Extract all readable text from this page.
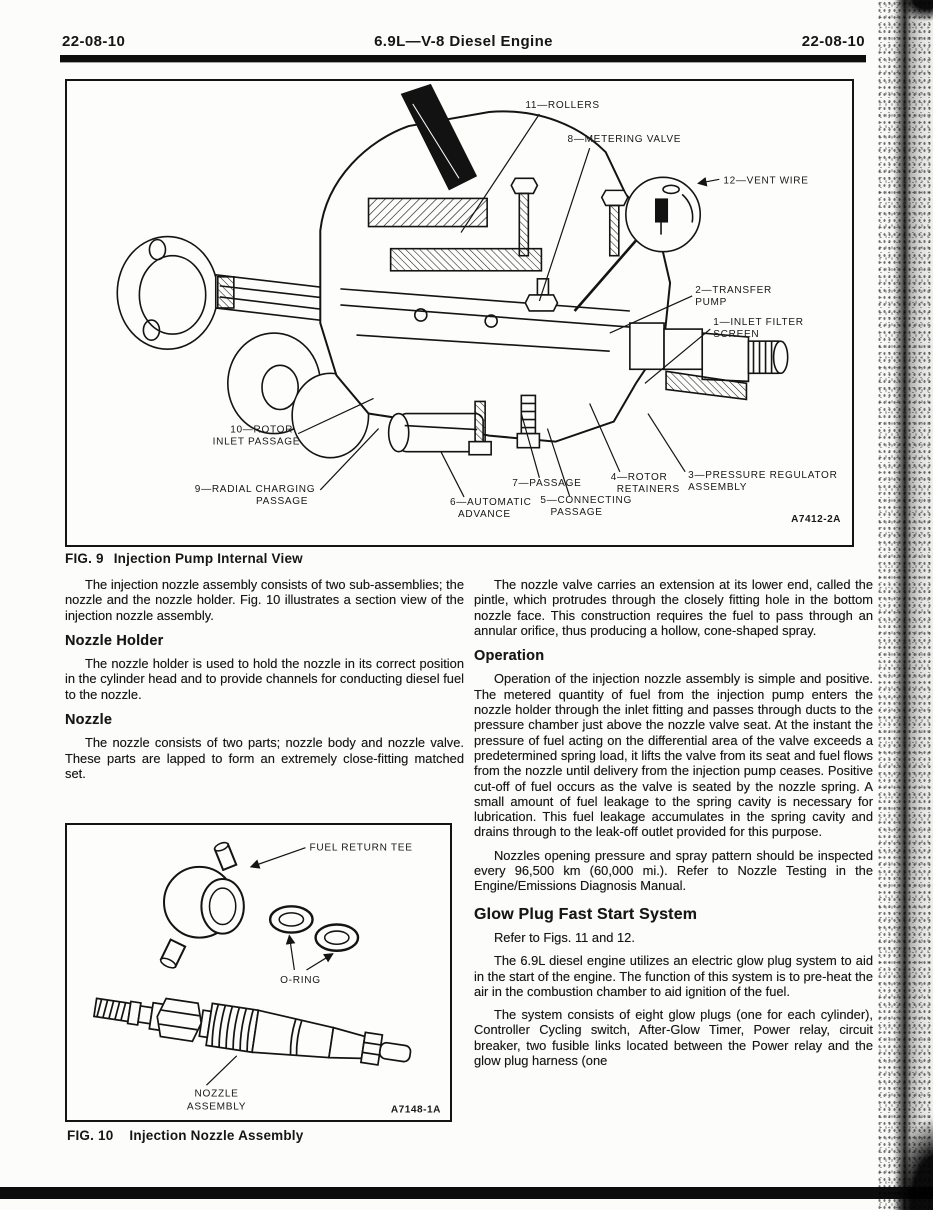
22-08-10	6.9L—V-8 Diesel Engine	22-08-10
11—ROLLERS
8—METERING VALVE
12—VENT WIRE
2—TRANSFER
PUMP
1—INLET FILTER
SCREEN
3—PRESSURE REGULATOR
ASSEMBLY
4—ROTOR
RETAINERS
7—PASSAGE
5—CONNECTING
PASSAGE
6—AUTOMATIC
ADVANCE
9—RADIAL CHARGING
PASSAGE
10—ROTOR
INLET PASSAGE
A7412-2A
FIG. 9 Injection Pump Internal View

The injection nozzle assembly consists of two sub-assemblies; the nozzle and the nozzle holder. Fig. 10 illustrates a section view of the injection nozzle assembly.

Nozzle Holder

The nozzle holder is used to hold the nozzle in its correct position in the cylinder head and to provide channels for conducting diesel fuel to the nozzle.

Nozzle

The nozzle consists of two parts; nozzle body and nozzle valve. These parts are lapped to form an extremely close-fitting matched set.

The nozzle valve carries an extension at its lower end, called the pintle, which protrudes through the closely fitting hole in the bottom nozzle face. This construction requires the fuel to pass through an annular orifice, thus producing a hollow, cone-shaped spray.

Operation

Operation of the injection nozzle assembly is simple and positive. The metered quantity of fuel from the injection pump enters the nozzle holder through the inlet fitting and passes through ducts to the pressure chamber just above the nozzle valve seat. At the instant the pressure of fuel acting on the differential area of the valve exceeds a predetermined spring load, it lifts the valve from its seat and fuel flows from the nozzle until delivery from the injection pump ceases. Positive cut-off of fuel occurs as the valve is seated by the nozzle spring. A small amount of fuel leakage to the spring cavity is necessary for lubrication. This fuel leakage accumulates in the spring cavity and drains through to the leak-off outlet provided for this purpose.

Nozzles opening pressure and spray pattern should be inspected every 96,500 km (60,000 mi.). Refer to Nozzle Testing in the Engine/Emissions Diagnosis Manual.

Glow Plug Fast Start System

Refer to Figs. 11 and 12.

The 6.9L diesel engine utilizes an electric glow plug system to aid in the start of the engine. The function of this system is to pre-heat the air in the combustion chamber to aid ignition of the fuel.

The system consists of eight glow plugs (one for each cylinder), Controller Cycling switch, After-Glow Timer, Power relay, circuit breaker, two fusible links located between the Power relay and the glow plug harness (one

FUEL RETURN TEE
O-RING
NOZZLE
ASSEMBLY	A7148-1A
FIG. 10 Injection Nozzle Assembly
